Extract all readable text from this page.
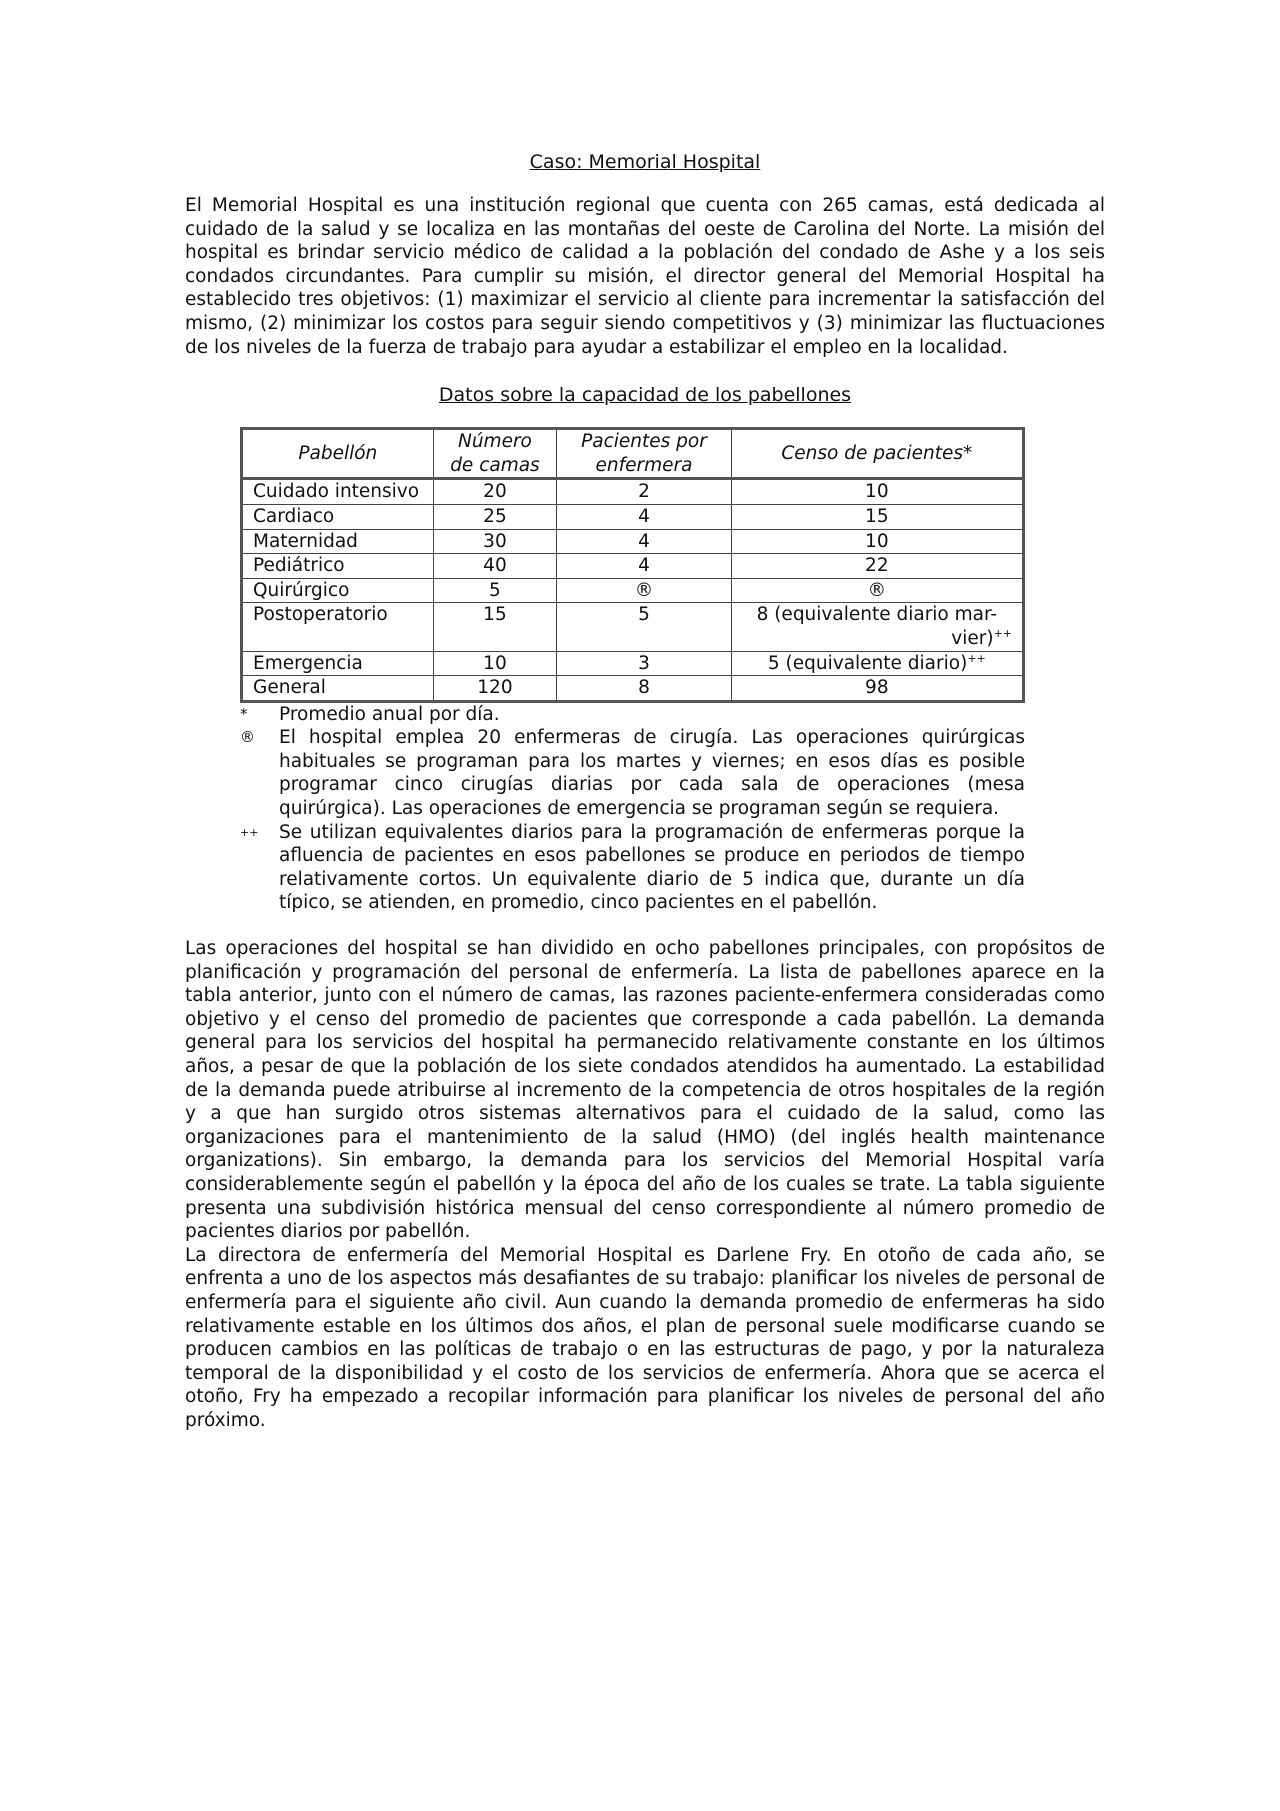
Caso: Memorial Hospital

El Memorial Hospital es una institución regional que cuenta con 265 camas, está dedicada al cuidado de la salud y se localiza en las montañas del oeste de Carolina del Norte. La misión del hospital es brindar servicio médico de calidad a la población del condado de Ashe y a los seis condados circundantes. Para cumplir su misión, el director general del Memorial Hospital ha establecido tres objetivos: (1) maximizar el servicio al cliente para incrementar la satisfacción del mismo, (2) minimizar los costos para seguir siendo competitivos y (3) minimizar las fluctuaciones de los niveles de la fuerza de trabajo para ayudar a estabilizar el empleo en la localidad.

Datos sobre la capacidad de los pabellones
Pabellón	Número de camas	Pacientes por enfermera	Censo de pacientes*
Cuidado intensivo	20	2	10
Cardiaco	25	4	15
Maternidad	30	4	10
Pediátrico	40	4	22
Quirúrgico	5	®	®
Postoperatorio	15	5	8 (equivalente diario mar-
vier)++

Emergencia	10	3	5 (equivalente diario)++
General	120	8	98
*	Promedio anual por día.
®	El hospital emplea 20 enfermeras de cirugía. Las operaciones quirúrgicas habituales se programan para los martes y viernes; en esos días es posible programar cinco cirugías diarias por cada sala de operaciones (mesa quirúrgica). Las operaciones de emergencia se programan según se requiera.
++	Se utilizan equivalentes diarios para la programación de enfermeras porque la afluencia de pacientes en esos pabellones se produce en periodos de tiempo relativamente cortos. Un equivalente diario de 5 indica que, durante un día típico, se atienden, en promedio, cinco pacientes en el pabellón.

Las operaciones del hospital se han dividido en ocho pabellones principales, con propósitos de planificación y programación del personal de enfermería. La lista de pabellones aparece en la tabla anterior, junto con el número de camas, las razones paciente-enfermera consideradas como objetivo y el censo del promedio de pacientes que corresponde a cada pabellón. La demanda general para los servicios del hospital ha permanecido relativamente constante en los últimos años, a pesar de que la población de los siete condados atendidos ha aumentado. La estabilidad de la demanda puede atribuirse al incremento de la competencia de otros hospitales de la región y a que han surgido otros sistemas alternativos para el cuidado de la salud, como las organizaciones para el mantenimiento de la salud (HMO) (del inglés health maintenance organizations). Sin embargo, la demanda para los servicios del Memorial Hospital varía considerablemente según el pabellón y la época del año de los cuales se trate. La tabla siguiente presenta una subdivisión histórica mensual del censo correspondiente al número promedio de pacientes diarios por pabellón.

La directora de enfermería del Memorial Hospital es Darlene Fry. En otoño de cada año, se enfrenta a uno de los aspectos más desafiantes de su trabajo: planificar los niveles de personal de enfermería para el siguiente año civil. Aun cuando la demanda promedio de enfermeras ha sido relativamente estable en los últimos dos años, el plan de personal suele modificarse cuando se producen cambios en las políticas de trabajo o en las estructuras de pago, y por la naturaleza temporal de la disponibilidad y el costo de los servicios de enfermería. Ahora que se acerca el otoño, Fry ha empezado a recopilar información para planificar los niveles de personal del año próximo.
